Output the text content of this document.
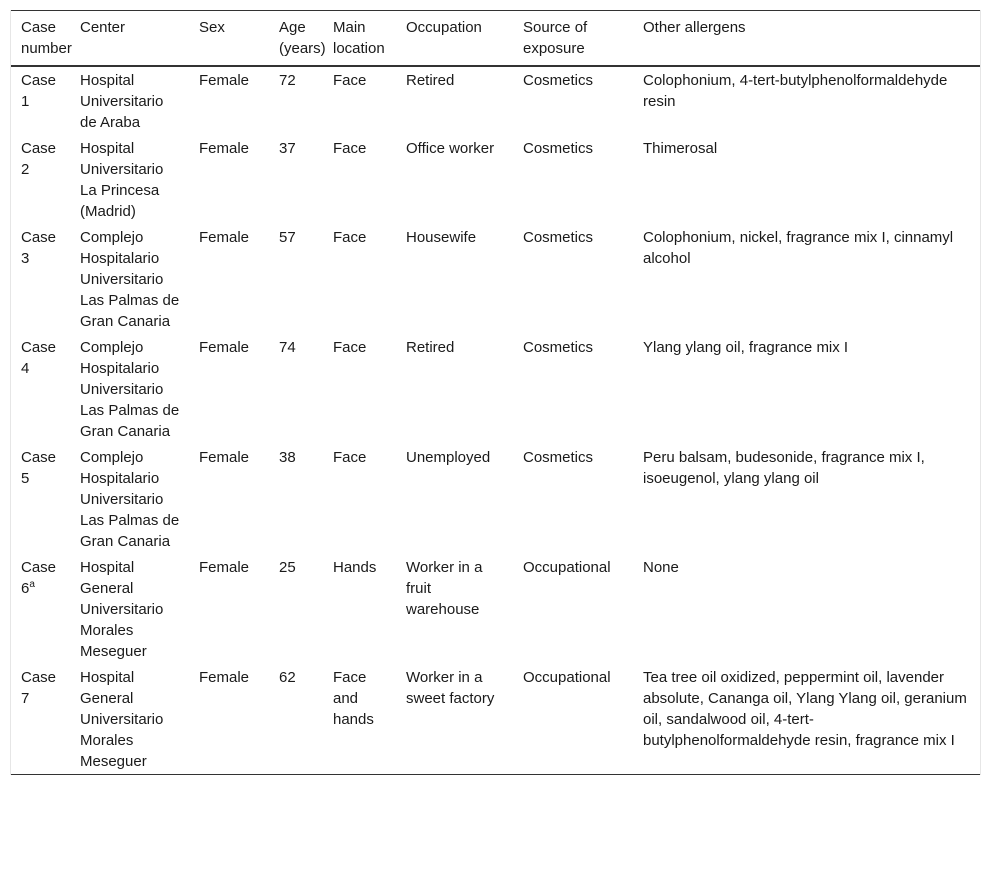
Case number	Center	Sex	Age (years)	Main location	Occupation	Source of exposure	Other allergens
Case 1	Hospital Universitario de Araba	Female	72	Face	Retired	Cosmetics	Colophonium, 4-tert-butylphenolformaldehyde resin
Case 2	Hospital Universitario La Princesa (Madrid)	Female	37	Face	Office worker	Cosmetics	Thimerosal
Case 3	Complejo Hospitalario Universitario Las Palmas de Gran Canaria	Female	57	Face	Housewife	Cosmetics	Colophonium, nickel, fragrance mix I, cinnamyl alcohol
Case 4	Complejo Hospitalario Universitario Las Palmas de Gran Canaria	Female	74	Face	Retired	Cosmetics	Ylang ylang oil, fragrance mix I
Case 5	Complejo Hospitalario Universitario Las Palmas de Gran Canaria	Female	38	Face	Unemployed	Cosmetics	Peru balsam, budesonide, fragrance mix I, isoeugenol, ylang ylang oil
Case 6$^a$	Hospital General Universitario Morales Meseguer	Female	25	Hands	Worker in a fruit warehouse	Occupational	None
Case 7	Hospital General Universitario Morales Meseguer	Female	62	Face and hands	Worker in a sweet factory	Occupational	Tea tree oil oxidized, peppermint oil, lavender absolute, Cananga oil, Ylang Ylang oil, geranium oil, sandalwood oil, 4-tert-butylphenolformaldehyde resin, fragrance mix I
